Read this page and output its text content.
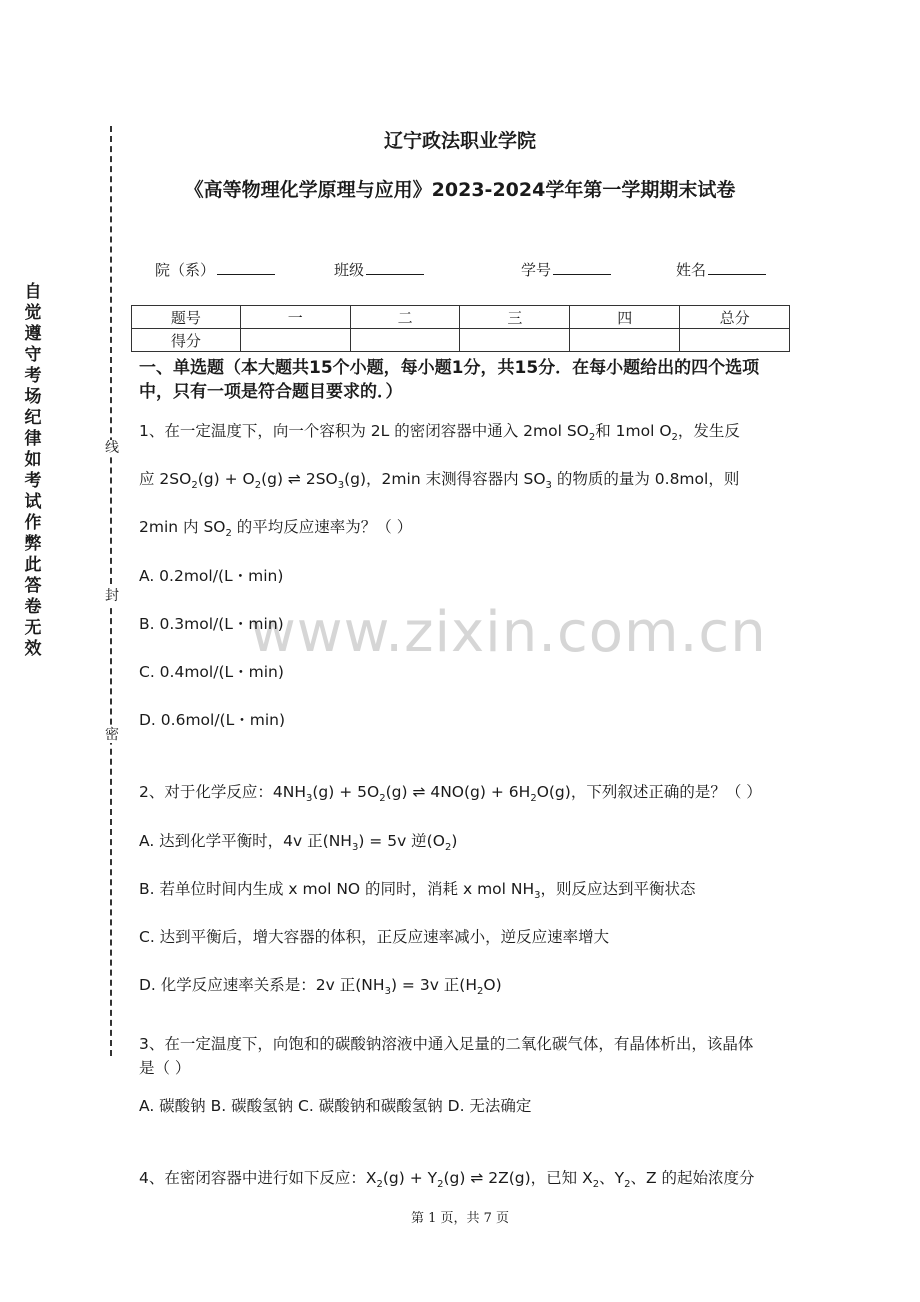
自觉遵守考场纪律如考试作弊此答卷无效
线
封
密
辽宁政法职业学院
《高等物理化学原理与应用》2023-2024学年第一学期期末试卷
院（系）	班级	学号	姓名
题号	一	二	三	四	总分
得分					
一、单选题（本大题共15个小题，每小题1分，共15分．在每小题给出的四个选项中，只有一项是符合题目要求的．）
www.zixin.com.cn
1、在一定温度下，向一个容积为 2L 的密闭容器中通入 2mol $SO_2$和 1mol $O_2$，发生反
应 $2SO_2(g) + O_2(g)$ ⇌ $2SO_3(g)$，2min 末测得容器内 $SO_3$ 的物质的量为 0.8mol，则
2min 内 $SO_2$ 的平均反应速率为？（ ）
A. 0.2mol/(L・min)
B. 0.3mol/(L・min)
C. 0.4mol/(L・min)
D. 0.6mol/(L・min)
2、对于化学反应：$4NH_3(g) + 5O_2(g)$ ⇌ $4NO(g) + 6H_2O(g)$，下列叙述正确的是？（ ）
A. 达到化学平衡时，4v 正$(NH_3) = 5v$ 逆$(O_2)$
B. 若单位时间内生成 x mol NO 的同时，消耗 x mol $NH_3$，则反应达到平衡状态
C. 达到平衡后，增大容器的体积，正反应速率减小，逆反应速率增大
D. 化学反应速率关系是：2v 正$(NH_3) = 3v$ 正$(H_2O)$
3、在一定温度下，向饱和的碳酸钠溶液中通入足量的二氧化碳气体，有晶体析出，该晶体
是（ ）
A. 碳酸钠 B. 碳酸氢钠 C. 碳酸钠和碳酸氢钠 D. 无法确定
4、在密闭容器中进行如下反应：$X_2(g) + Y_2(g)$ ⇌ 2Z(g)，已知 $X_2$、$Y_2$、Z 的起始浓度分
第 1 页，共 7 页
